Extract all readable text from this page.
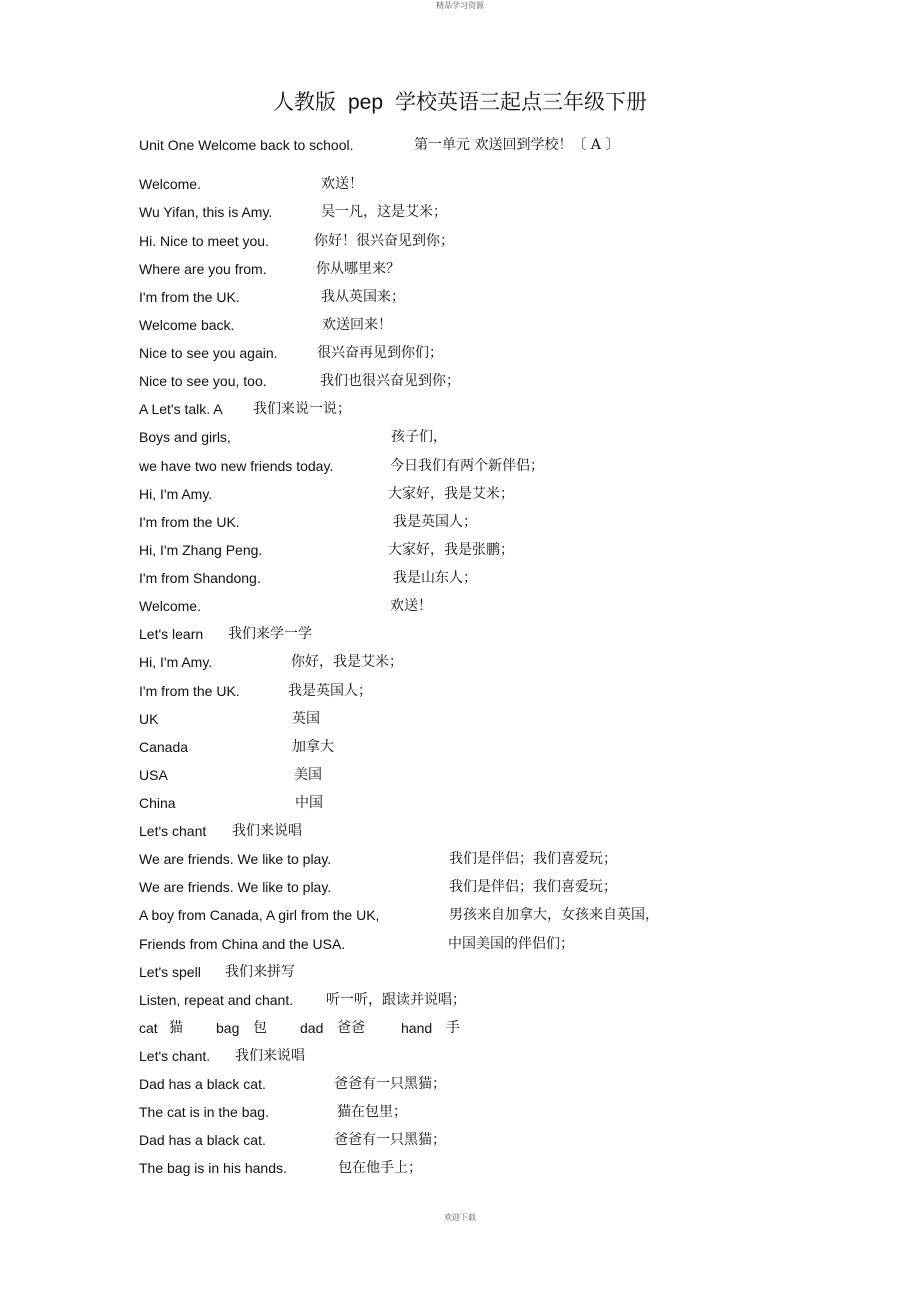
精品学习资源
人教版 pep 学校英语三起点三年级下册
Unit One Welcome back to school.	第一单元 欢送回到学校！〔 A 〕
Welcome.	欢送！
Wu Yifan, this is Amy.	吴一凡，这是艾米；
Hi. Nice to meet you.	你好！很兴奋见到你；
Where are you from.	你从哪里来？
I'm from the UK.	我从英国来；
Welcome back.	欢送回来！
Nice to see you again.	很兴奋再见到你们；
Nice to see you, too.	我们也很兴奋见到你；
A Let's talk. A 我们来说一说；
Boys and girls,	孩子们，
we have two new friends today.	今日我们有两个新伴侣；
Hi, I'm Amy.	大家好，我是艾米；
I'm from the UK.	我是英国人；
Hi, I'm Zhang Peng.	大家好，我是张鹏；
I'm from Shandong.	我是山东人；
Welcome.	欢送！
Let's learn 我们来学一学
Hi, I'm Amy.	你好，我是艾米；
I'm from the UK.	我是英国人；
UK	英国
Canada	加拿大
USA	美国
China	中国
Let's chant 我们来说唱
We are friends. We like to play.	我们是伴侣；我们喜爱玩；
We are friends. We like to play.	我们是伴侣；我们喜爱玩；
A boy from Canada, A girl from the UK,	男孩来自加拿大，女孩来自英国，
Friends from China and the USA.	中国美国的伴侣们；
Let's spell 我们来拼写
Listen, repeat and chant. 听一听，跟读并说唱；
cat 猫 bag 包 dad 爸爸	hand 手
Let's chant. 我们来说唱
Dad has a black cat.	爸爸有一只黑猫；
The cat is in the bag.	猫在包里；
Dad has a black cat.	爸爸有一只黑猫；
The bag is in his hands.	包在他手上；
欢迎下载
